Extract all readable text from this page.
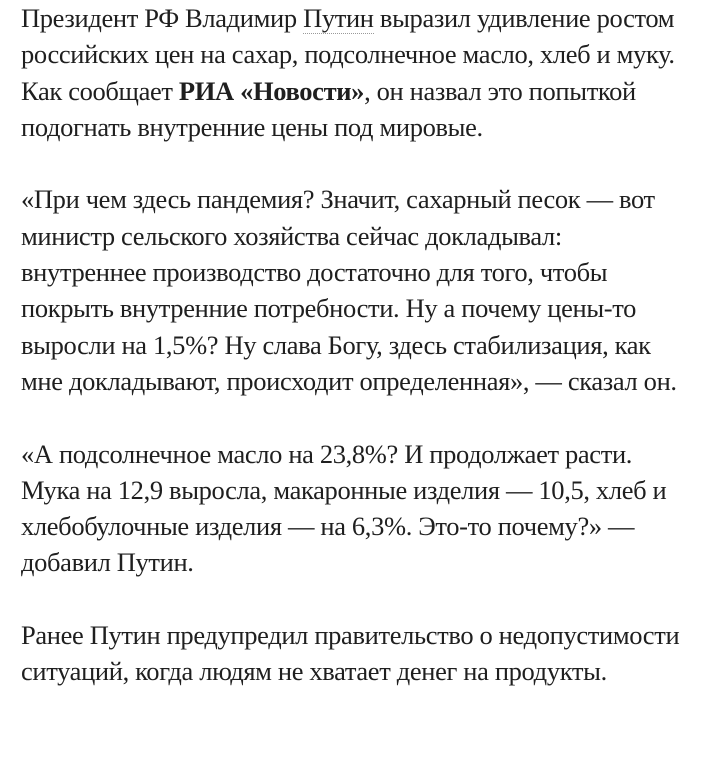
Президент РФ Владимир Путин выразил удивление ростом российских цен на сахар, подсолнечное масло, хлеб и муку. Как сообщает РИА «Новости», он назвал это попыткой подогнать внутренние цены под мировые.

«При чем здесь пандемия? Значит, сахарный песок — вот министр сельского хозяйства сейчас докладывал: внутреннее производство достаточно для того, чтобы покрыть внутренние потребности. Ну а почему цены-то выросли на 1,5%? Ну слава Богу, здесь стабилизация, как мне докладывают, происходит определенная», — сказал он.

«А подсолнечное масло на 23,8%? И продолжает расти. Мука на 12,9 выросла, макаронные изделия — 10,5, хлеб и хлебобулочные изделия — на 6,3%. Это-то почему?» — добавил Путин.

Ранее Путин предупредил правительство о недопустимости ситуаций, когда людям не хватает денег на продукты.
